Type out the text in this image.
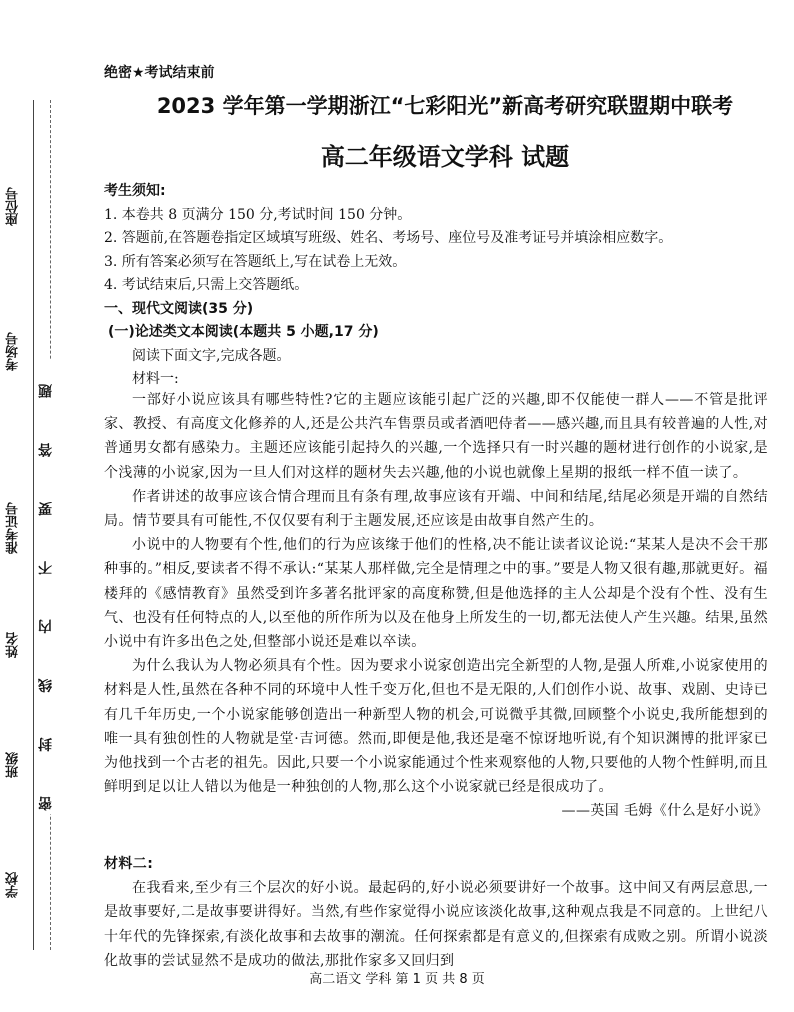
学校
班级
姓名
准考证号
考场号
座位号
密 封 线 内 不 要 答 题
绝密★考试结束前
2023 学年第一学期浙江“七彩阳光”新高考研究联盟期中联考
高二年级语文学科 试题
考生须知:
1. 本卷共 8 页满分 150 分,考试时间 150 分钟。
2. 答题前,在答题卷指定区域填写班级、姓名、考场号、座位号及准考证号并填涂相应数字。
3. 所有答案必须写在答题纸上,写在试卷上无效。
4. 考试结束后,只需上交答题纸。
一、现代文阅读(35 分)
(一)论述类文本阅读(本题共 5 小题,17 分)
阅读下面文字,完成各题。
材料一:

一部好小说应该具有哪些特性?它的主题应该能引起广泛的兴趣,即不仅能使一群人——不管是批评家、教授、有高度文化修养的人,还是公共汽车售票员或者酒吧侍者——感兴趣,而且具有较普遍的人性,对普通男女都有感染力。主题还应该能引起持久的兴趣,一个选择只有一时兴趣的题材进行创作的小说家,是个浅薄的小说家,因为一旦人们对这样的题材失去兴趣,他的小说也就像上星期的报纸一样不值一读了。

作者讲述的故事应该合情合理而且有条有理,故事应该有开端、中间和结尾,结尾必须是开端的自然结局。情节要具有可能性,不仅仅要有利于主题发展,还应该是由故事自然产生的。

小说中的人物要有个性,他们的行为应该缘于他们的性格,决不能让读者议论说:“某某人是决不会干那种事的。”相反,要读者不得不承认:“某某人那样做,完全是情理之中的事。”要是人物又很有趣,那就更好。福楼拜的《感情教育》虽然受到许多著名批评家的高度称赞,但是他选择的主人公却是个没有个性、没有生气、也没有任何特点的人,以至他的所作所为以及在他身上所发生的一切,都无法使人产生兴趣。结果,虽然小说中有许多出色之处,但整部小说还是难以卒读。

为什么我认为人物必须具有个性。因为要求小说家创造出完全新型的人物,是强人所难,小说家使用的材料是人性,虽然在各种不同的环境中人性千变万化,但也不是无限的,人们创作小说、故事、戏剧、史诗已有几千年历史,一个小说家能够创造出一种新型人物的机会,可说微乎其微,回顾整个小说史,我所能想到的唯一具有独创性的人物就是堂·吉诃德。然而,即便是他,我还是毫不惊讶地听说,有个知识渊博的批评家已为他找到一个古老的祖先。因此,只要一个小说家能通过个性来观察他的人物,只要他的人物个性鲜明,而且鲜明到足以让人错以为他是一种独创的人物,那么这个小说家就已经是很成功了。

——英国 毛姆《什么是好小说》

材料二:

在我看来,至少有三个层次的好小说。最起码的,好小说必须要讲好一个故事。这中间又有两层意思,一是故事要好,二是故事要讲得好。当然,有些作家觉得小说应该淡化故事,这种观点我是不同意的。上世纪八十年代的先锋探索,有淡化故事和去故事的潮流。任何探索都是有意义的,但探索有成败之别。所谓小说淡化故事的尝试显然不是成功的做法,那批作家多又回归到

高二语文 学科 第 1 页 共 8 页
